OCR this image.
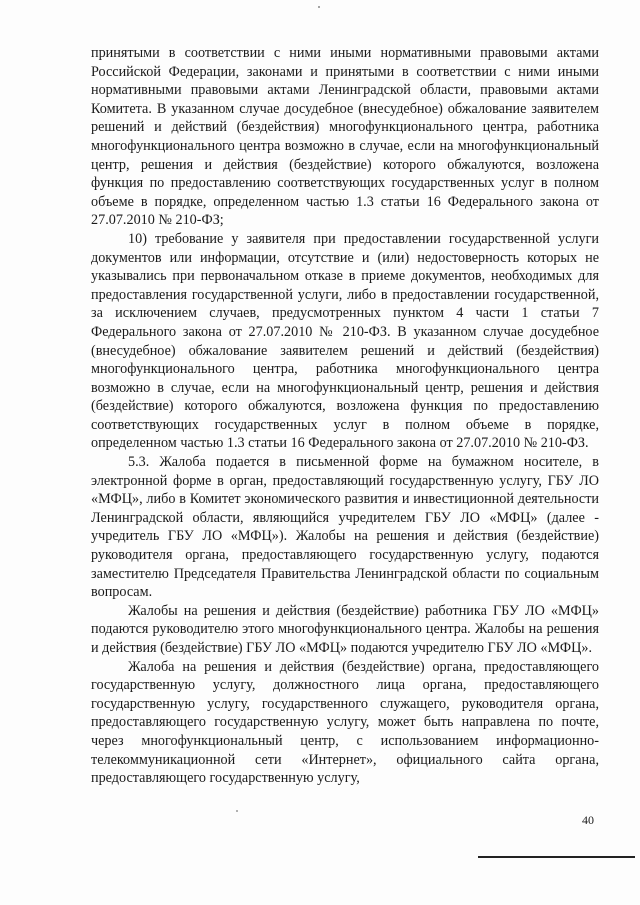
принятыми в соответствии с ними иными нормативными правовыми актами Российской Федерации, законами и принятыми в соответствии с ними иными нормативными правовыми актами Ленинградской области, правовыми актами Комитета. В указанном случае досудебное (внесудебное) обжалование заявителем решений и действий (бездействия) многофункционального центра, работника многофункционального центра возможно в случае, если на многофункциональный центр, решения и действия (бездействие) которого обжалуются, возложена функция по предоставлению соответствующих государственных услуг в полном объеме в порядке, определенном частью 1.3 статьи 16 Федерального закона от 27.07.2010 № 210-ФЗ;

10) требование у заявителя при предоставлении государственной услуги документов или информации, отсутствие и (или) недостоверность которых не указывались при первоначальном отказе в приеме документов, необходимых для предоставления государственной услуги, либо в предоставлении государственной, за исключением случаев, предусмотренных пунктом 4 части 1 статьи 7 Федерального закона от 27.07.2010 № 210-ФЗ. В указанном случае досудебное (внесудебное) обжалование заявителем решений и действий (бездействия) многофункционального центра, работника многофункционального центра возможно в случае, если на многофункциональный центр, решения и действия (бездействие) которого обжалуются, возложена функция по предоставлению соответствующих государственных услуг в полном объеме в порядке, определенном частью 1.3 статьи 16 Федерального закона от 27.07.2010 № 210-ФЗ.

5.3. Жалоба подается в письменной форме на бумажном носителе, в электронной форме в орган, предоставляющий государственную услугу, ГБУ ЛО «МФЦ», либо в Комитет экономического развития и инвестиционной деятельности Ленинградской области, являющийся учредителем ГБУ ЛО «МФЦ» (далее - учредитель ГБУ ЛО «МФЦ»). Жалобы на решения и действия (бездействие) руководителя органа, предоставляющего государственную услугу, подаются заместителю Председателя Правительства Ленинградской области по социальным вопросам.

Жалобы на решения и действия (бездействие) работника ГБУ ЛО «МФЦ» подаются руководителю этого многофункционального центра. Жалобы на решения и действия (бездействие) ГБУ ЛО «МФЦ» подаются учредителю ГБУ ЛО «МФЦ».

Жалоба на решения и действия (бездействие) органа, предоставляющего государственную услугу, должностного лица органа, предоставляющего государственную услугу, государственного служащего, руководителя органа, предоставляющего государственную услугу, может быть направлена по почте, через многофункциональный центр, с использованием информационно-телекоммуникационной сети «Интернет», официального сайта органа, предоставляющего государственную услугу,

40
